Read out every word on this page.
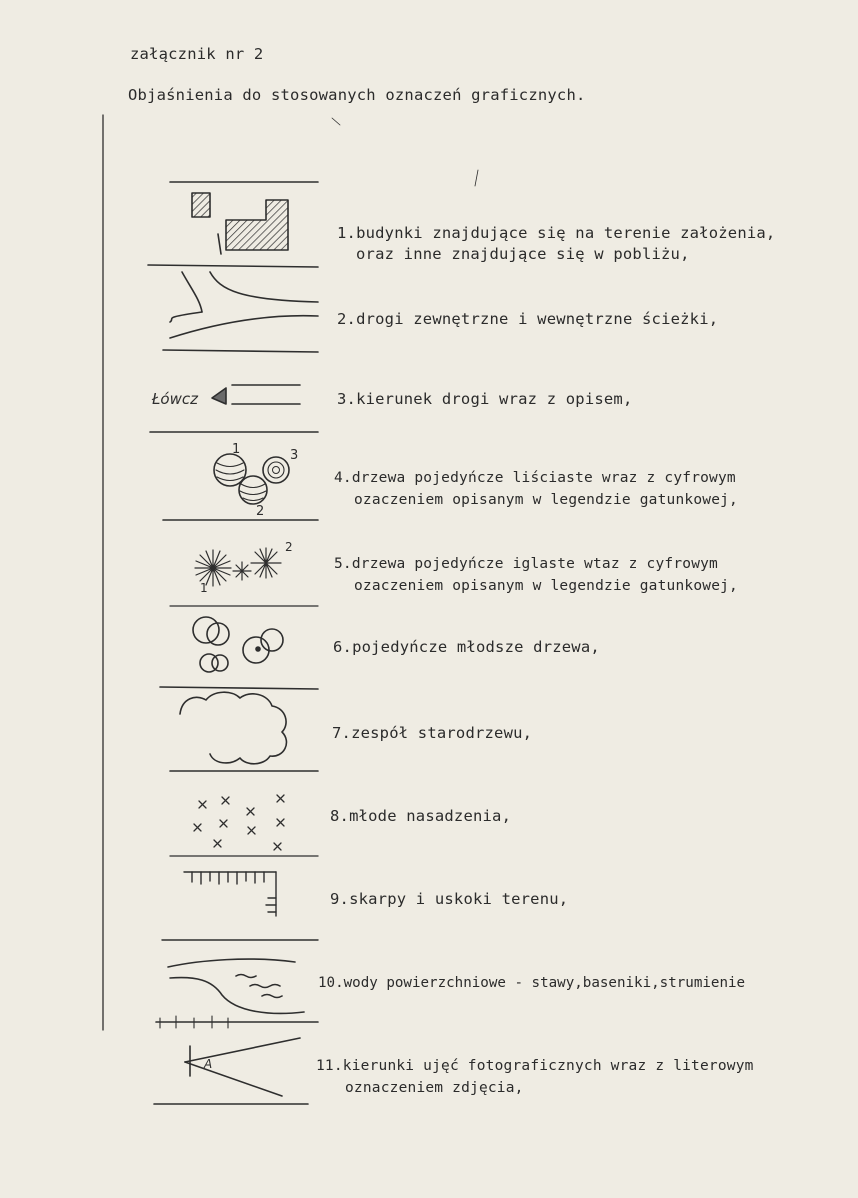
załącznik nr 2

Objaśnienia do stosowanych oznaczeń graficznych.

Łówcz
1
2
3
1
2
A

1.budynki znajdujące się na terenie założenia,

oraz inne znajdujące się w pobliżu,

2.drogi zewnętrzne i wewnętrzne ścieżki,

3.kierunek drogi wraz z opisem,

4.drzewa pojedyńcze liściaste wraz z cyfrowym

ozaczeniem opisanym w legendzie gatunkowej,

5.drzewa pojedyńcze iglaste wtaz z cyfrowym

ozaczeniem opisanym w legendzie gatunkowej,

6.pojedyńcze młodsze drzewa,

7.zespół starodrzewu,

8.młode nasadzenia,

9.skarpy i uskoki terenu,

10.wody powierzchniowe - stawy,baseniki,strumienie

11.kierunki ujęć fotograficznych wraz z literowym

oznaczeniem zdjęcia,
